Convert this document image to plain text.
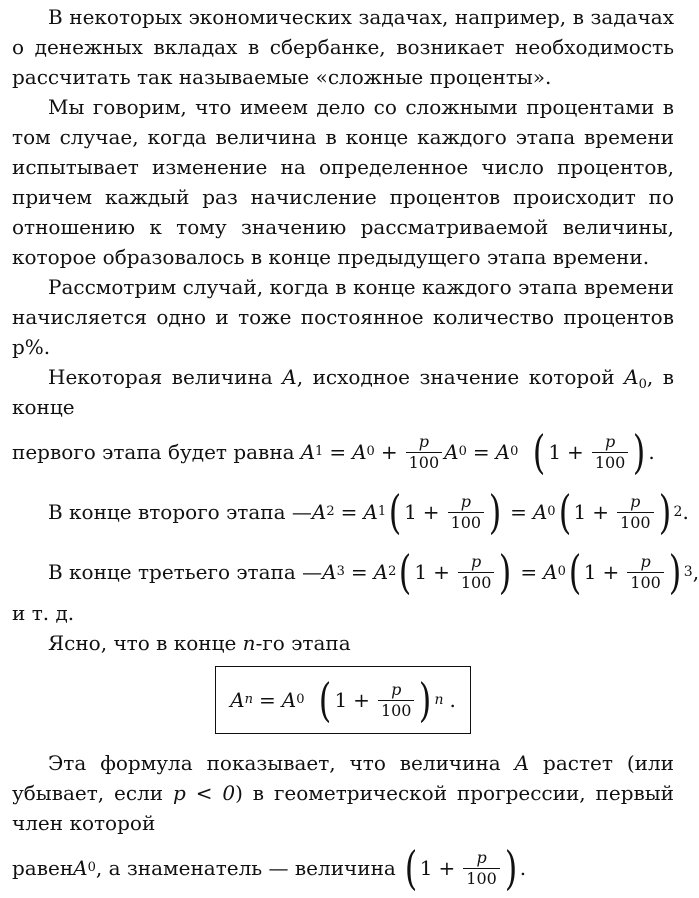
В некоторых экономических задачах, например, в задачах о денежных вкладах в сбербанке, возникает необходимость рассчитать так называемые «сложные проценты».

Мы говорим, что имеем дело со сложными процентами в том случае, когда величина в конце каждого этапа времени испытывает изменение на определенное число процентов, причем каждый раз начисление процентов происходит по отношению к тому значению рассматриваемой величины, которое образовалось в конце предыдущего этапа времени.

Рассмотрим случай, когда в конце каждого этапа времени начисляется одно и тоже постоянное количество процентов p%.

Некоторая величина A, исходное значение которой $A_0$, в конце

первого этапа будет равна A 1 = A $0 + \frac{p}{100}$ A 0 = A 0 ( $1 + \frac{p}{100}$ ) .
В конце второго этапа — A 2 = A 1 ( $1 + \frac{p}{100}$ ) = A 0 ( $1 + \frac{p}{100}$ ) 2 .
В конце третьего этапа — A 3 = A 2 ( $1 + \frac{p}{100}$ ) = A 0 ( $1 + \frac{p}{100}$ ) 3 ,

и т. д.

Ясно, что в конце n-го этапа

A n = A 0 ( $1 + \frac{p}{100}$ ) n .

Эта формула показывает, что величина A растет (или убывает, если p < 0) в геометрической прогрессии, первый член которой

равен A 0 , а знаменатель — величина ( $1 + \frac{p}{100}$ ) .
